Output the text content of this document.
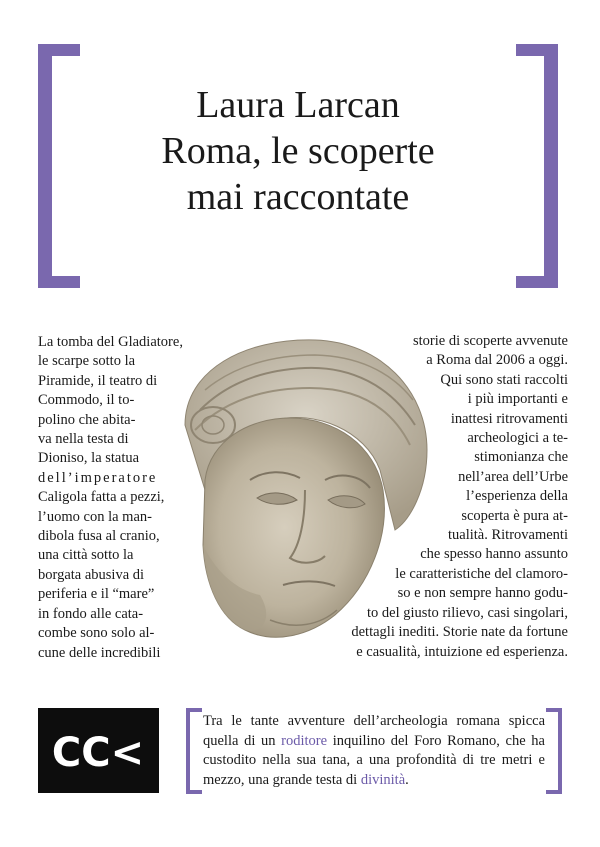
Laura Larcan
Roma, le scoperte
mai raccontate
La tomba del Gladiatore,
le scarpe sotto la
Piramide, il teatro di
Commodo, il to-
polino che abita-
va nella testa di
Dioniso, la statua
dell’imperatore
Caligola fatta a pezzi,
l’uomo con la man-
dibola fusa al cranio,
una città sotto la
borgata abusiva di
periferia e il “mare”
in fondo alle cata-
combe sono solo al-
cune delle incredibili
storie di scoperte avvenute
a Roma dal 2006 a oggi.
Qui sono stati raccolti
i più importanti e
inattesi ritrovamenti
archeologici a te-
stimonianza che
nell’area dell’Urbe
l’esperienza della
scoperta è pura at-
tualità. Ritrovamenti
che spesso hanno assunto
le caratteristiche del clamoro-
so e non sempre hanno godu-
to del giusto rilievo, casi singolari,
dettagli inediti. Storie nate da fortune
e casualità, intuizione ed esperienza.
CC<
Tra le tante avventure dell’archeologia romana spicca quella di un roditore inquilino del Foro Romano, che ha custodito nella sua tana, a una profondità di tre metri e mezzo, una grande testa di divinità.
